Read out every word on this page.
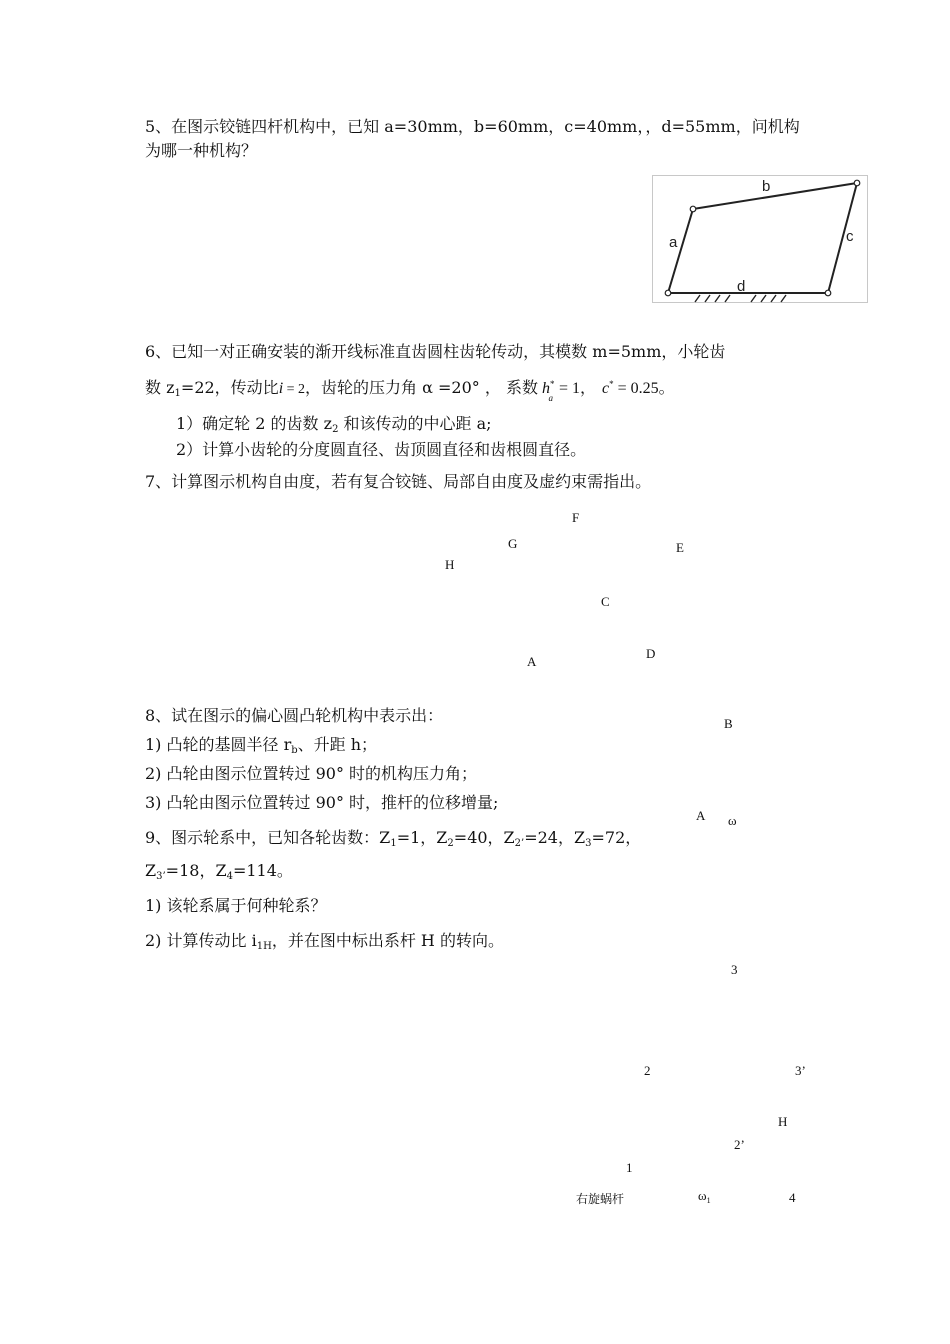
5、在图示铰链四杆机构中，已知 a=30mm，b=60mm，c=40mm，，d=55mm，问机构
为哪一种机构？
a
b
c
d
6、已知一对正确安装的渐开线标准直齿圆柱齿轮传动，其模数 m=5mm，小轮齿
数 $z_1=22$，传动比i = 2，齿轮的压力角 α =20° ， 系数 $h^*_a= 1$， c* = 0.25。
1）确定轮 2 的齿数 $z_2$ 和该传动的中心距 a;
2）计算小齿轮的分度圆直径、齿顶圆直径和齿根圆直径。
7、计算图示机构自由度，若有复合铰链、局部自由度及虚约束需指出。
F
G	E
H
C
D
A
8、试在图示的偏心圆凸轮机构中表示出：
1) 凸轮的基圆半径 $r_b$、升距 h；
2) 凸轮由图示位置转过 90° 时的机构压力角；
3) 凸轮由图示位置转过 90° 时，推杆的位移增量;
B
A ω
9、图示轮系中，已知各轮齿数：$Z_1=1$，$Z_2=40$，$Z_{2’}=24$，$Z_3=72$，
$Z_{3’}=18$，$Z_4=114$。
1) 该轮系属于何种轮系？
2) 计算传动比 $i_{1H}$，并在图中标出系杆 H 的转向。
3
2	3’
H
2’
1
右旋蜗杆	$\omega_1$	4
